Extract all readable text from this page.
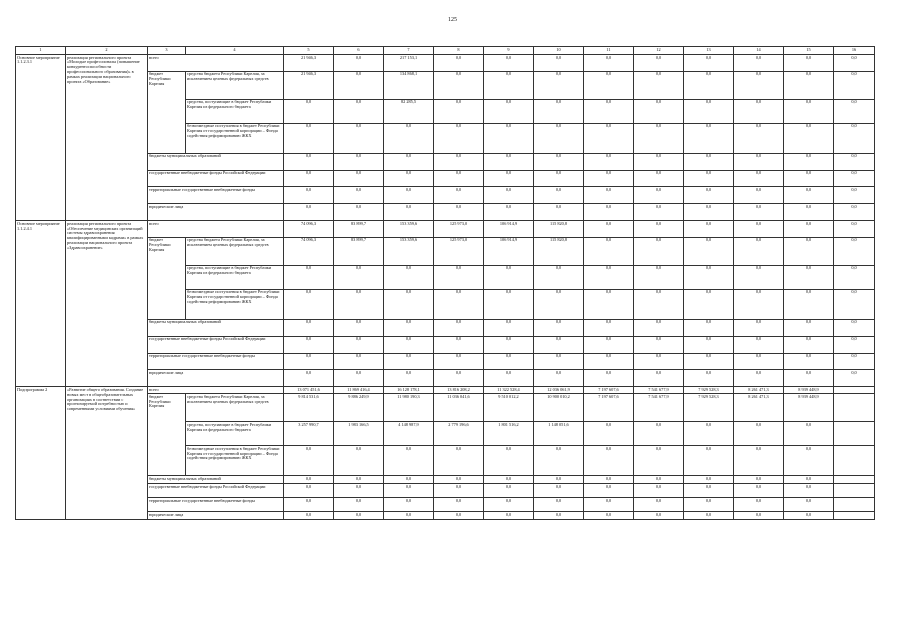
125
1	2	3	4	5	6	7	8	9	10	11	12	13	14	15	16	
Основное мероприятие 1.1.2.3.1	реализация регионального проекта «Молодые профессионалы (повышение конкурентоспособности профессионального образования)» в рамках реализации национального проекта «Образование»	всего		21 946,3	0,0	217 153,1	0,0	0,0	0,0	0,0	0,0	0,0	0,0	0,0	0,0	
		бюджет Республики Карелия	средства бюджета Республики Карелия, за исключением целевых федеральных средств	21 946,3	0,0	134 868,1	0,0	0,0	0,0	0,0	0,0	0,0	0,0	0,0	0,0	
			средства, поступающие в бюджет Республики Карелия из федерального бюджета	0,0	0,0	82 285,5	0,0	0,0	0,0	0,0	0,0	0,0	0,0	0,0	0,0	
			безвозмездные поступления в бюджет Республики Карелия от государственной корпорации – Фонда содействия реформированию ЖКХ	0,0	0,0	0,0	0,0	0,0	0,0	0,0	0,0	0,0	0,0	0,0	0,0	
		бюджеты муниципальных образований		0,0	0,0	0,0	0,0	0,0	0,0	0,0	0,0	0,0	0,0	0,0	0,0	
		государственные внебюджетные фонды Российской Федерации		0,0	0,0	0,0	0,0	0,0	0,0	0,0	0,0	0,0	0,0	0,0	0,0	
		территориальные государственные внебюджетные фонды		0,0	0,0	0,0	0,0	0,0	0,0	0,0	0,0	0,0	0,0	0,0	0,0	
		юридические лица		0,0	0,0	0,0	0,0	0,0	0,0	0,0	0,0	0,0	0,0	0,0	0,0	
Основное мероприятие 1.1.2.4.1	реализация регионального проекта «Обеспечение медицинских организаций системы здравоохранения квалифицированными кадрами» в рамках реализации национального проекта «Здравоохранение»	всего		74 096,3	83 899,7	153 359,6	125 973,0	106 914,9	115 820,8	0,0	0,0	0,0	0,0	0,0	0,0	
		бюджет Республики Карелия	средства бюджета Республики Карелия, за исключением целевых федеральных средств	74 096,3	83 899,7	153 359,6	125 973,0	106 914,9	115 820,8	0,0	0,0	0,0	0,0	0,0	0,0	
			средства, поступающие в бюджет Республики Карелия из федерального бюджета	0,0	0,0	0,0	0,0	0,0	0,0	0,0	0,0	0,0	0,0	0,0	0,0	
			безвозмездные поступления в бюджет Республики Карелия от государственной корпорации – Фонда содействия реформированию ЖКХ	0,0	0,0	0,0	0,0	0,0	0,0	0,0	0,0	0,0	0,0	0,0	0,0	
		бюджеты муниципальных образований		0,0	0,0	0,0	0,0	0,0	0,0	0,0	0,0	0,0	0,0	0,0	0,0	
		государственные внебюджетные фонды Российской Федерации		0,0	0,0	0,0	0,0	0,0	0,0	0,0	0,0	0,0	0,0	0,0	0,0	
		территориальные государственные внебюджетные фонды		0,0	0,0	0,0	0,0	0,0	0,0	0,0	0,0	0,0	0,0	0,0	0,0	
		юридические лица		0,0	0,0	0,0	0,0	0,0	0,0	0,0	0,0	0,0	0,0	0,0	0,0	
Подпрограмма 2	«Развитие общего образования. Создание новых мест в общеобразовательных организациях в соответствии с прогнозируемой потребностью и современными условиями обучения»	всего		13 071 451,6	11 869 416,4	16 128 178,1	13 816 208,2	11 322 528,4	12 036 061,9	7 197 607,6	7 541 677,9	7 929 528,3	8 261 471,3	8 939 448,9		
		бюджет Республики Карелия	средства бюджета Республики Карелия, за исключением целевых федеральных средств	9 814 531,6	9 886 249,9	11 980 190,3	11 036 041,6	9 510 012,2	10 900 010,2	7 197 607,6	7 541 677,9	7 929 528,3	8 261 471,3	8 939 448,9		
			средства, поступающие в бюджет Республики Карелия из федерального бюджета	3 257 990,7	1 983 166,5	4 148 987,9	2 779 196,6	1 801 516,2	1 148 051,6	0,0	0,0	0,0	0,0	0,0		
			безвозмездные поступления в бюджет Республики Карелия от государственной корпорации – Фонда содействия реформированию ЖКХ	0,0	0,0	0,0	0,0	0,0	0,0	0,0	0,0	0,0	0,0	0,0		
		бюджеты муниципальных образований		0,0	0,0	0,0	0,0	0,0	0,0	0,0	0,0	0,0	0,0	0,0		
		государственные внебюджетные фонды Российской Федерации		0,0	0,0	0,0	0,0	0,0	0,0	0,0	0,0	0,0	0,0	0,0		
		территориальные государственные внебюджетные фонды		0,0	0,0	0,0	0,0	0,0	0,0	0,0	0,0	0,0	0,0	0,0		
		юридические лица		0,0	0,0	0,0	0,0	0,0	0,0	0,0	0,0	0,0	0,0	0,0		
